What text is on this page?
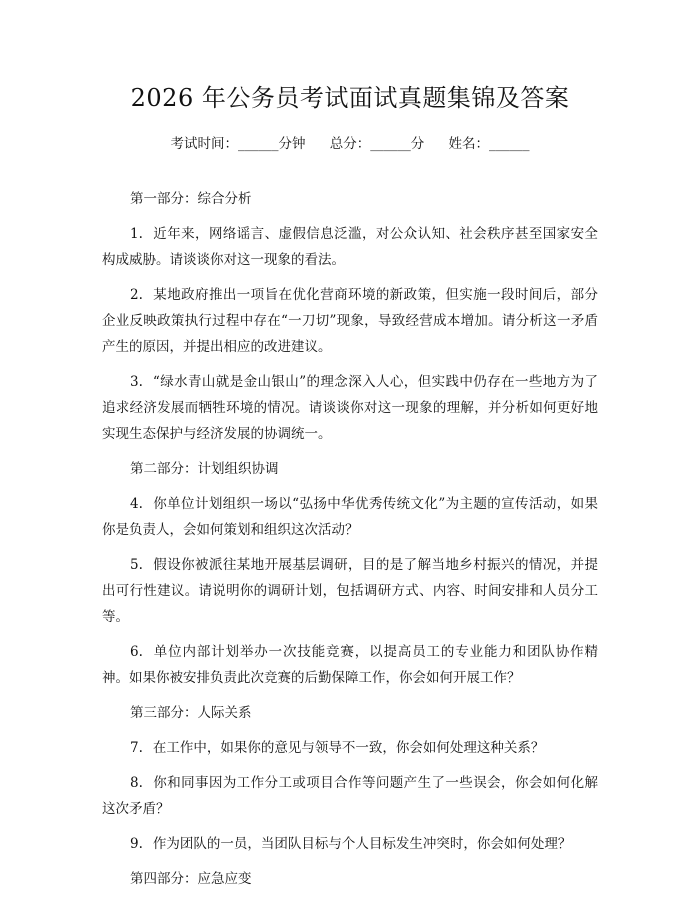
2026 年公务员考试面试真题集锦及答案
考试时间：______分钟 总分：______分 姓名：______

第一部分：综合分析

1. 近年来，网络谣言、虚假信息泛滥，对公众认知、社会秩序甚至国家安全构成威胁。请谈谈你对这一现象的看法。

2. 某地政府推出一项旨在优化营商环境的新政策，但实施一段时间后，部分企业反映政策执行过程中存在“一刀切”现象，导致经营成本增加。请分析这一矛盾产生的原因，并提出相应的改进建议。

3. “绿水青山就是金山银山”的理念深入人心，但实践中仍存在一些地方为了追求经济发展而牺牲环境的情况。请谈谈你对这一现象的理解，并分析如何更好地实现生态保护与经济发展的协调统一。

第二部分：计划组织协调

4. 你单位计划组织一场以“弘扬中华优秀传统文化”为主题的宣传活动，如果你是负责人，会如何策划和组织这次活动？

5. 假设你被派往某地开展基层调研，目的是了解当地乡村振兴的情况，并提出可行性建议。请说明你的调研计划，包括调研方式、内容、时间安排和人员分工等。

6. 单位内部计划举办一次技能竞赛，以提高员工的专业能力和团队协作精神。如果你被安排负责此次竞赛的后勤保障工作，你会如何开展工作？

第三部分：人际关系

7. 在工作中，如果你的意见与领导不一致，你会如何处理这种关系？

8. 你和同事因为工作分工或项目合作等问题产生了一些误会，你会如何化解这次矛盾？

9. 作为团队的一员，当团队目标与个人目标发生冲突时，你会如何处理？

第四部分：应急应变
